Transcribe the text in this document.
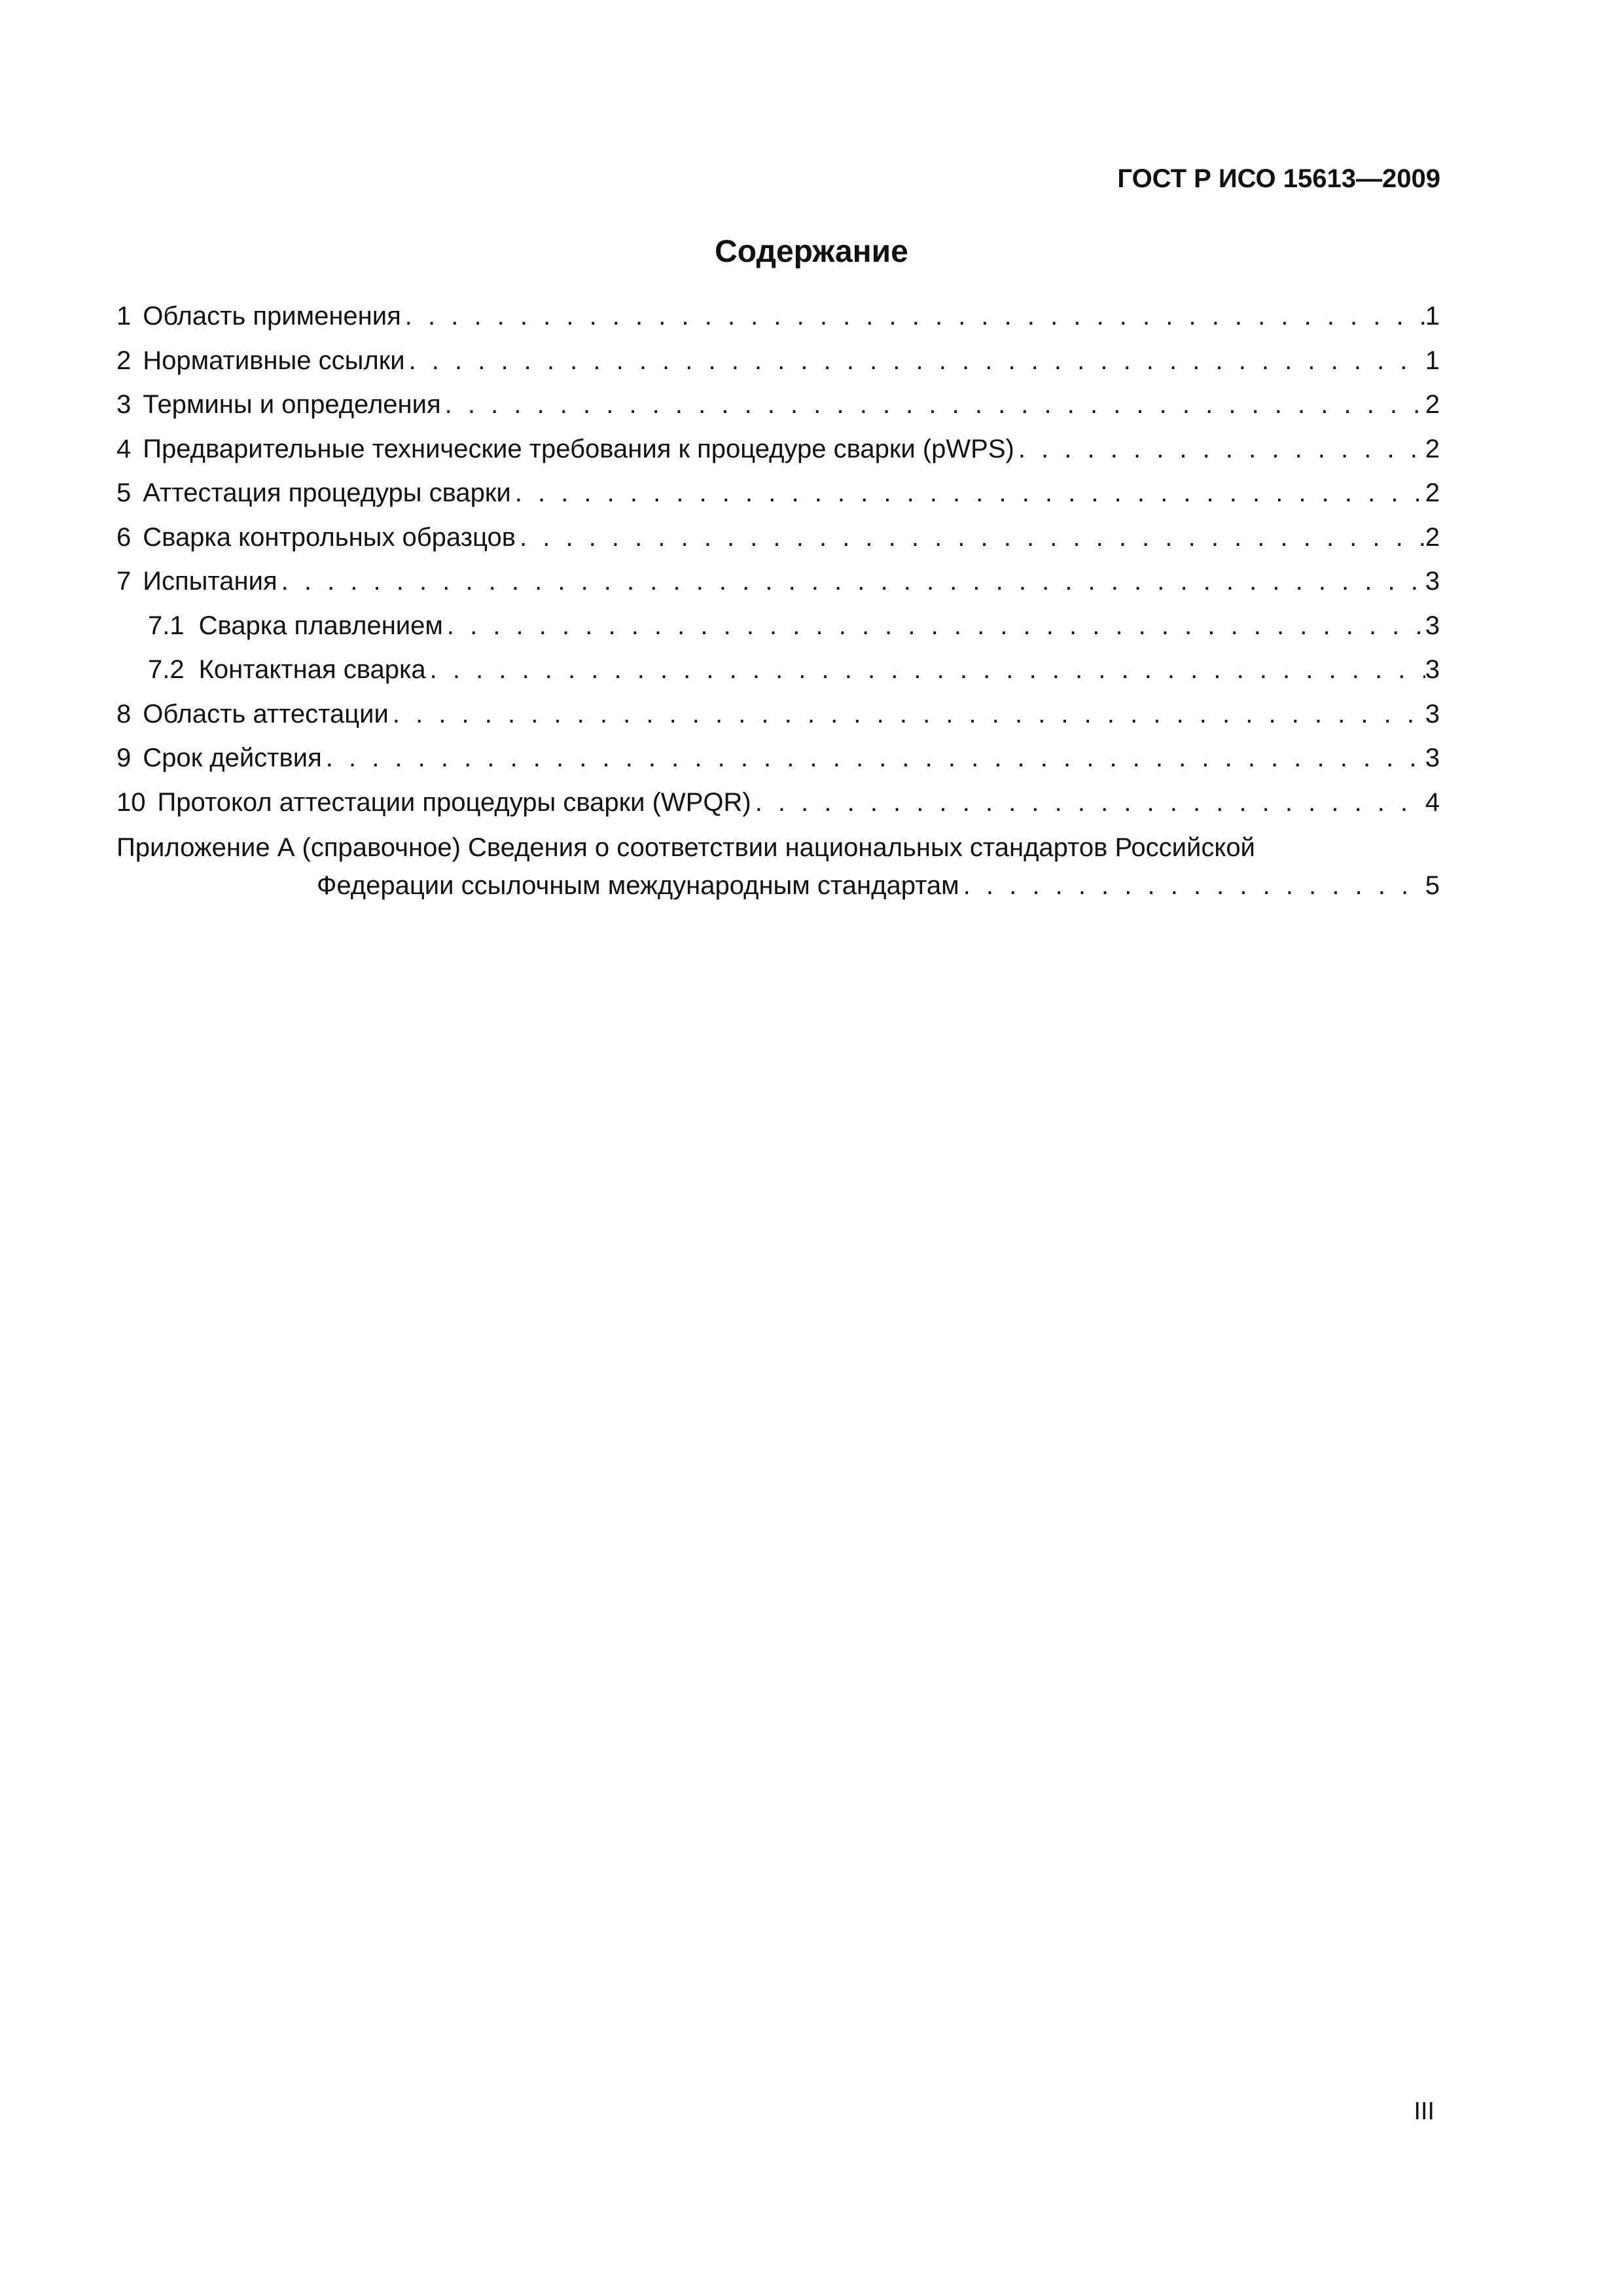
ГОСТ Р ИСО 15613—2009
Содержание
1 Область применения . . .	1
2 Нормативные ссылки . . .	1
3 Термины и определения . . .	2
4 Предварительные технические требования к процедуре сварки (pWPS) . . .	2
5 Аттестация процедуры сварки . . .	2
6 Сварка контрольных образцов . . .	2
7 Испытания . . .	3
7.1 Сварка плавлением . . .	3
7.2 Контактная сварка . . .	3
8 Область аттестации . . .	3
9 Срок действия . . .	3
10 Протокол аттестации процедуры сварки (WPQR) . . .	4
Приложение А (справочное) Сведения о соответствии национальных стандартов Российской
Федерации ссылочным международным стандартам . . .	5
III
